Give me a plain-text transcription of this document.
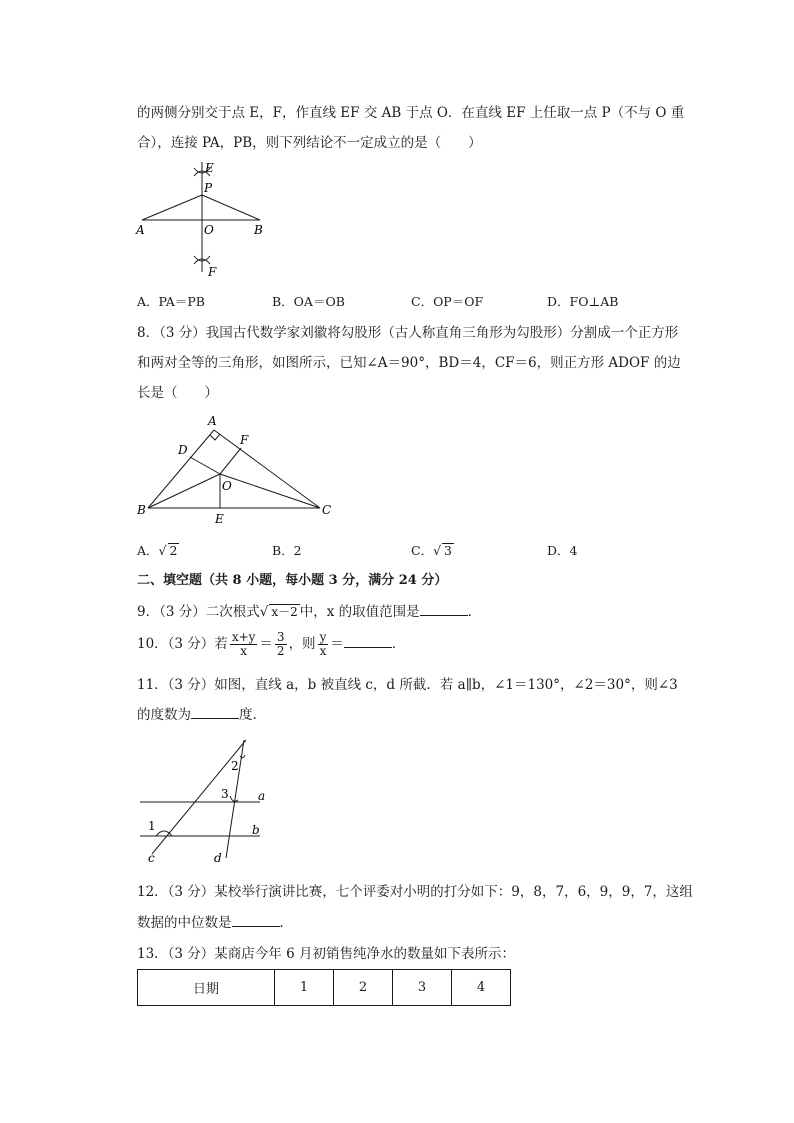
的两侧分别交于点 E，F，作直线 EF 交 AB 于点 O．在直线 EF 上任取一点 P（不与 O 重
合），连接 PA，PB，则下列结论不一定成立的是（　　）
E
P
A	O	B
F
A．PA＝PB	B．OA＝OB	C．OP＝OF	D．FO⊥AB
8．（3 分）我国古代数学家刘徽将勾股形（古人称直角三角形为勾股形）分割成一个正方形
和两对全等的三角形，如图所示，已知∠A＝90°，BD＝4，CF＝6，则正方形 ADOF 的边
长是（　　）
A
D
F
O
B
E
C
A．√ 2	B．2	C．√ 3	D．4
二、填空题（共 8 小题，每小题 3 分，满分 24 分）
9．（3 分）二次根式√ x－2 中，x 的取值范围是	．
10．（3 分）若 $\frac{x+y}{x} = \frac{3}{2}$ ，则 $\frac{y}{x}$ ＝	．
11．（3 分）如图，直线 a，b 被直线 c，d 所截．若 a∥b，∠1＝130°，∠2＝30°，则∠3
的度数为	度．
1
2
3 a
b
c	d
12．（3 分）某校举行演讲比赛，七个评委对小明的打分如下：9，8，7，6，9，9，7，这组
数据的中位数是	．
13．（3 分）某商店今年 6 月初销售纯净水的数量如下表所示：
日期	1	2	3	4
